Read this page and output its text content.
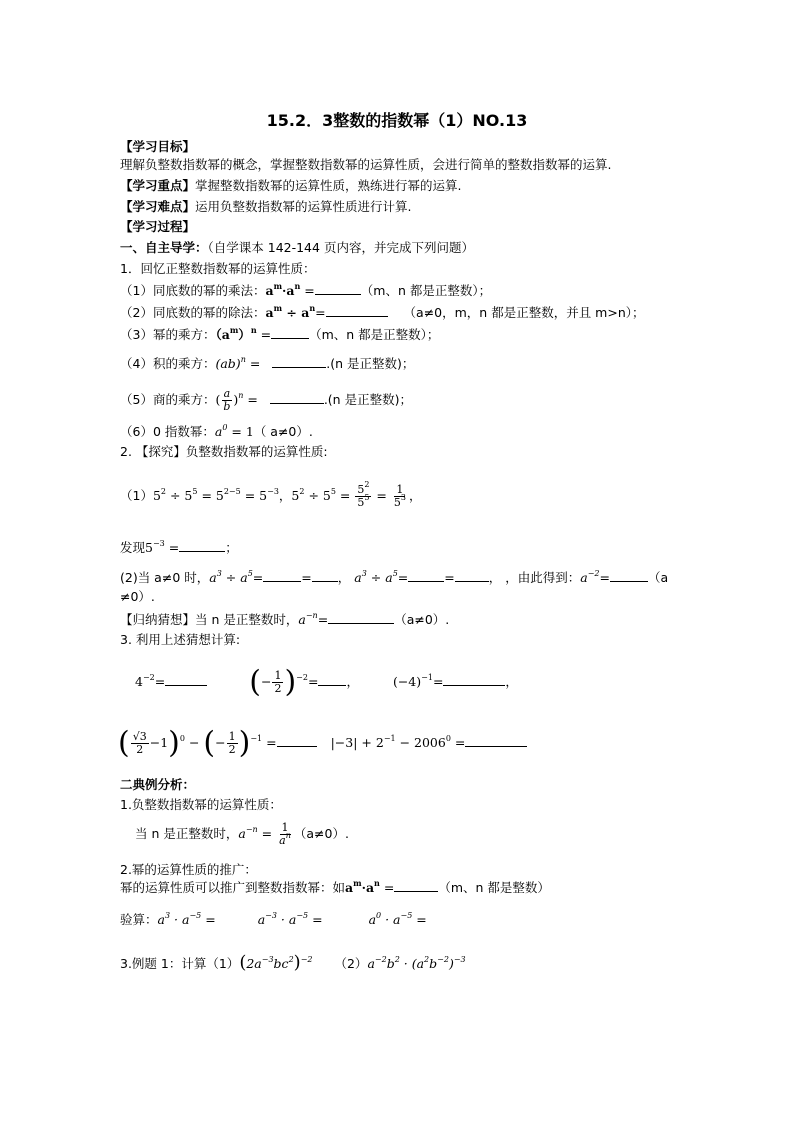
15.2．3整数的指数幂（1）NO.13
【学习目标】
理解负整数指数幂的概念，掌握整数指数幂的运算性质，会进行简单的整数指数幂的运算.
【学习重点】掌握整数指数幂的运算性质，熟练进行幂的运算.
【学习难点】运用负整数指数幂的运算性质进行计算.
【学习过程】
一、自主导学：（自学课本 142-144 页内容，并完成下列问题）
1．回忆正整数指数幂的运算性质：
（1）同底数的幂的乘法：$a^m\cdot a^n$ =	（m、n 都是正整数）；
（2）同底数的幂的除法：$a^m \div a^n=$	（a≠0，m，n 都是正整数，并且 m>n）；
（3）幂的乘方：$(a^m)^n$ =	（m、n 都是正整数）；
（4）积的乘方：(ab)$^n$ =	.(n 是正整数)；
（5）商的乘方：( $\frac{a}{b} )^n$ =	.(n 是正整数)；
（6）0 指数幂：$a^0 = 1$（ a≠0）.
2. 【探究】负整数指数幂的运算性质:
$(1)5^2 \div 5^5 = 5^{2-5} = 5^{-3}$，$5^2 \div 5^5 = \frac{5^2}{5^5} = \frac{1}{5^3}$ ，
发现$5^{-3}$ =	；
(2)当 a≠0 时，$a^3 \div a^5=$	= ， $a^3 \div a^5=$	=	， ，由此得到：$a^{-2}=$	（a
≠0）.
【归纳猜想】当 n 是正整数时，$a^{-n}=$	（a≠0）.
3. 利用上述猜想计算:
$4^{-2}=$	(− $\frac{1}{2} )^{-2}=$ ，	$(-4)^{-1}=$	，
( $\frac{√3}{2} -1)^0$ − (− $\frac{1}{2} )^{-1}$ =	$|-3| + 2^{-1} - 2006^0$ =
二典例分析：
1.负整数指数幂的运算性质：
当 n 是正整数时，$a^{-n} = \frac{1}{a^n} (a\ne 0)$.
2.幂的运算性质的推广：
幂的运算性质可以推广到整数指数幂：如$a^m\cdot a^n$ =	（m、n 都是整数）
验算：$a^3 \cdot a^{-5}$ =	$a^{-3} \cdot a^{-5}$ =	$a^0 \cdot a^{-5}$ =
3.例题 1：计算$(1)(2a^{-3}bc^2)^{-2}$ $(2)a^{-2}b^2 \cdot (a^2b^{-2})^{-3}$
